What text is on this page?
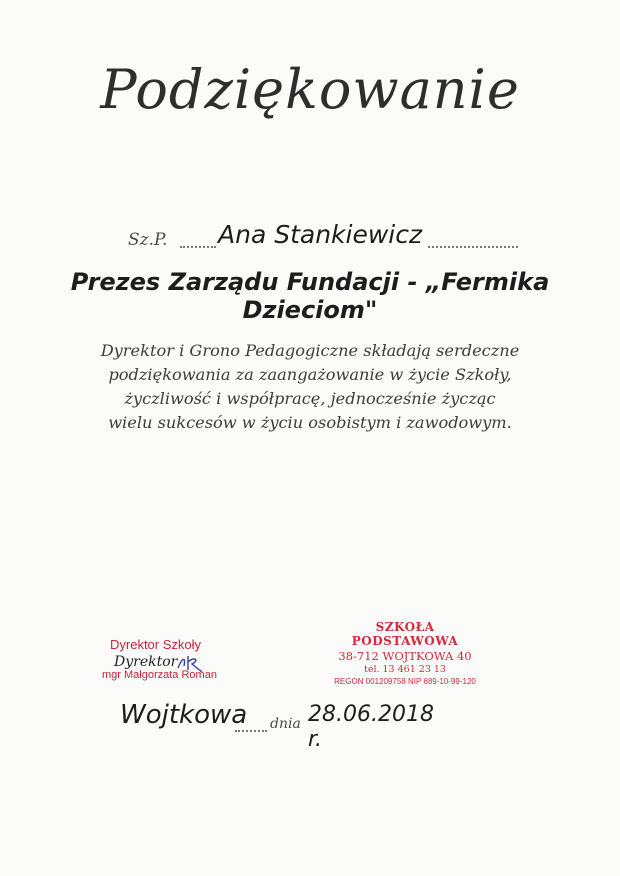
Podziękowanie
Sz.P. Ana Stankiewicz
Prezes Zarządu Fundacji - „Fermika Dzieciom"
Dyrektor i Grono Pedagogiczne składają serdeczne
podziękowania za zaangażowanie w życie Szkoły,
życzliwość i współpracę, jednocześnie życząc
wielu sukcesów w życiu osobistym i zawodowym.
Dyrektor Szkoły
Dyrektor
mgr Małgorzata Roman
SZKOŁA PODSTAWOWA
38-712 WOJTKOWA 40
tel. 13 461 23 13
REGON 001209758 NIP 689-10-99-120
Wojtkowa dnia 28.06.2018 r.
